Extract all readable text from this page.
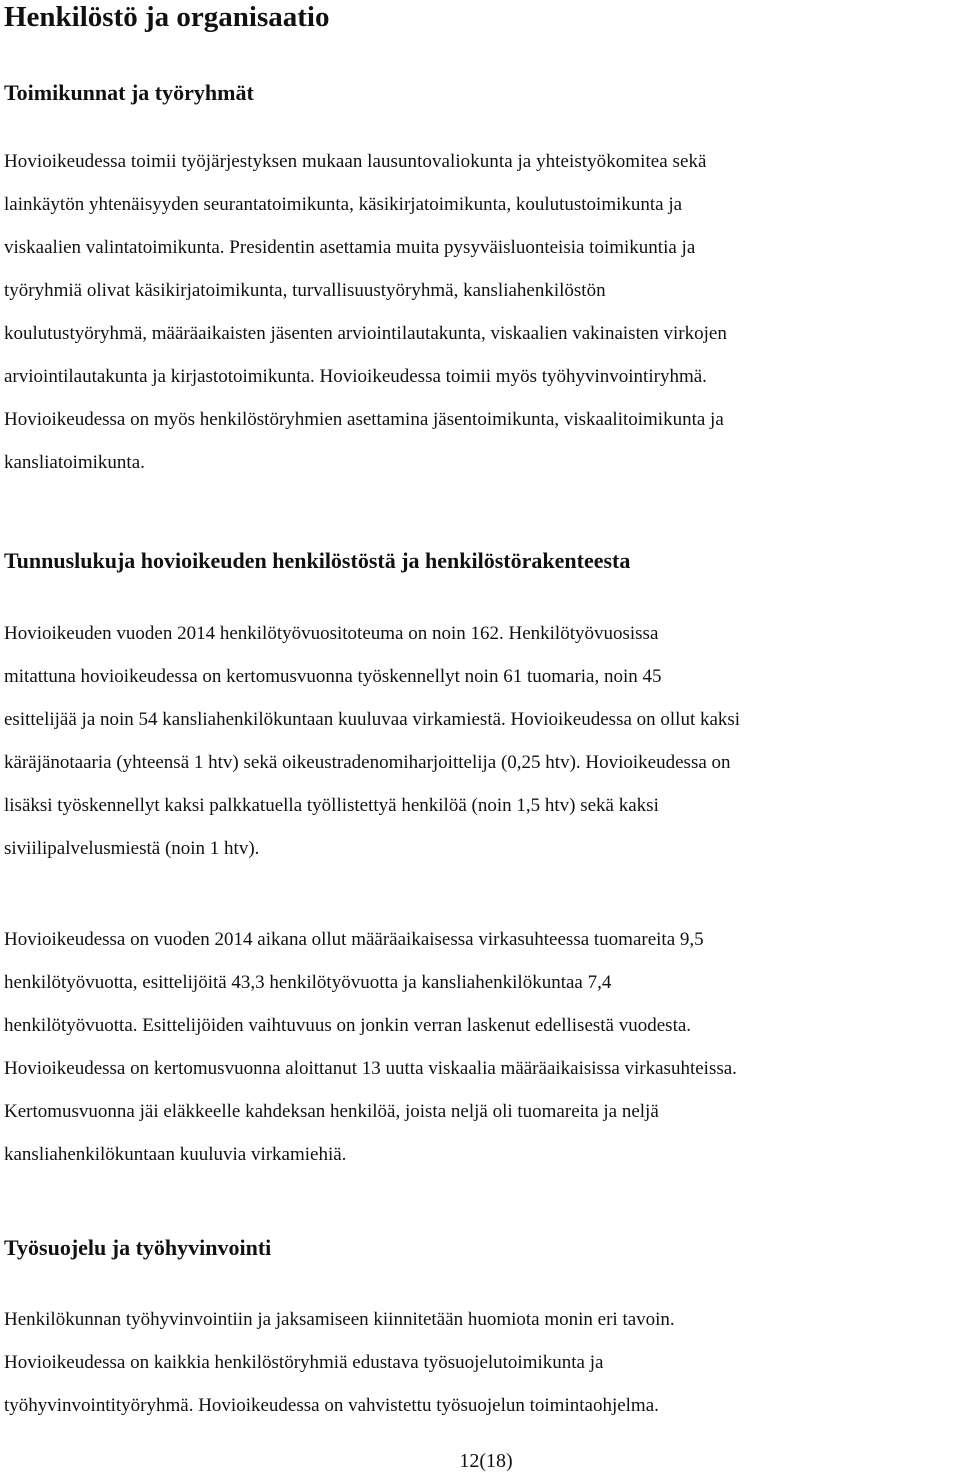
Henkilöstö ja organisaatio
Toimikunnat ja työryhmät

Hovioikeudessa toimii työjärjestyksen mukaan lausuntovaliokunta ja yhteistyökomitea sekä
lainkäytön yhtenäisyyden seurantatoimikunta, käsikirjatoimikunta, koulutustoimikunta ja
viskaalien valintatoimikunta. Presidentin asettamia muita pysyväisluonteisia toimikuntia ja
työryhmiä olivat käsikirjatoimikunta, turvallisuustyöryhmä, kansliahenkilöstön
koulutustyöryhmä, määräaikaisten jäsenten arviointilautakunta, viskaalien vakinaisten virkojen
arviointilautakunta ja kirjastotoimikunta. Hovioikeudessa toimii myös työhyvinvointiryhmä.
Hovioikeudessa on myös henkilöstöryhmien asettamina jäsentoimikunta, viskaalitoimikunta ja
kansliatoimikunta.

Tunnuslukuja hovioikeuden henkilöstöstä ja henkilöstörakenteesta

Hovioikeuden vuoden 2014 henkilötyövuositoteuma on noin 162. Henkilötyövuosissa
mitattuna hovioikeudessa on kertomusvuonna työskennellyt noin 61 tuomaria, noin 45
esittelijää ja noin 54 kansliahenkilökuntaan kuuluvaa virkamiestä. Hovioikeudessa on ollut kaksi
käräjänotaaria (yhteensä 1 htv) sekä oikeustradenomiharjoittelija (0,25 htv). Hovioikeudessa on
lisäksi työskennellyt kaksi palkkatuella työllistettyä henkilöä (noin 1,5 htv) sekä kaksi
siviilipalvelusmiestä (noin 1 htv).

Hovioikeudessa on vuoden 2014 aikana ollut määräaikaisessa virkasuhteessa tuomareita 9,5
henkilötyövuotta, esittelijöitä 43,3 henkilötyövuotta ja kansliahenkilökuntaa 7,4
henkilötyövuotta. Esittelijöiden vaihtuvuus on jonkin verran laskenut edellisestä vuodesta.
Hovioikeudessa on kertomusvuonna aloittanut 13 uutta viskaalia määräaikaisissa virkasuhteissa.
Kertomusvuonna jäi eläkkeelle kahdeksan henkilöä, joista neljä oli tuomareita ja neljä
kansliahenkilökuntaan kuuluvia virkamiehiä.

Työsuojelu ja työhyvinvointi

Henkilökunnan työhyvinvointiin ja jaksamiseen kiinnitetään huomiota monin eri tavoin.
Hovioikeudessa on kaikkia henkilöstöryhmiä edustava työsuojelutoimikunta ja
työhyvinvointityöryhmä. Hovioikeudessa on vahvistettu työsuojelun toimintaohjelma.

12(18)
